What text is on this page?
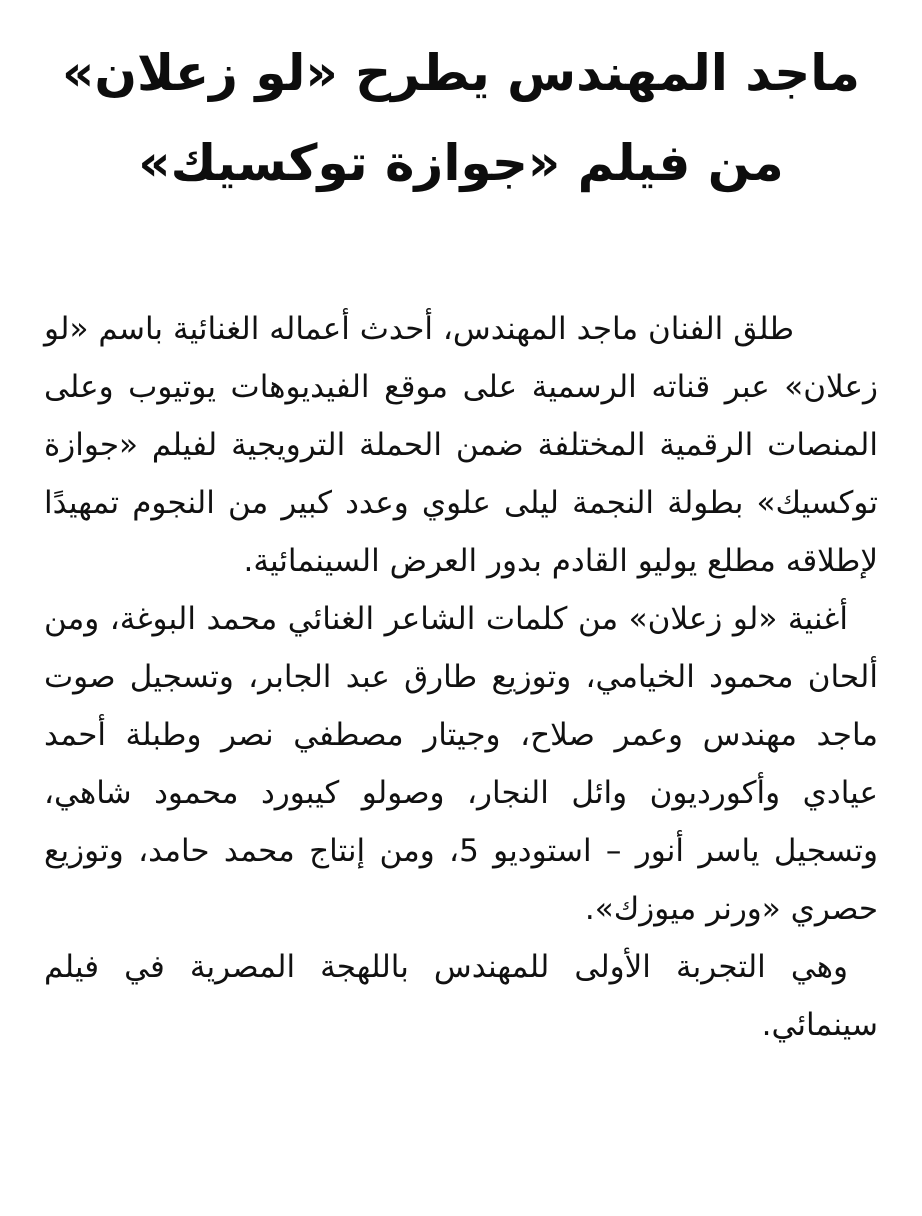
ماجد المهندس يطرح «لو زعلان»
من فيلم «جوازة توكسيك»

طلق الفنان ماجد المهندس، أحدث أعماله الغنائية باسم «لو زعلان» عبر قناته الرسمية على موقع الفيديوهات يوتيوب وعلى المنصات الرقمية المختلفة ضمن الحملة الترويجية لفيلم «جوازة توكسيك» بطولة النجمة ليلى علوي وعدد كبير من النجوم تمهيدًا لإطلاقه مطلع يوليو القادم بدور العرض السينمائية.

أغنية «لو زعلان» من كلمات الشاعر الغنائي محمد البوغة، ومن ألحان محمود الخيامي، وتوزيع طارق عبد الجابر، وتسجيل صوت ماجد مهندس وعمر صلاح، وجيتار مصطفي نصر وطبلة أحمد عيادي وأكورديون وائل النجار، وصولو كيبورد محمود شاهي، وتسجيل ياسر أنور – استوديو 5، ومن إنتاج محمد حامد، وتوزيع حصري «ورنر ميوزك».

وهي التجربة الأولى للمهندس باللهجة المصرية في فيلم سينمائي.
